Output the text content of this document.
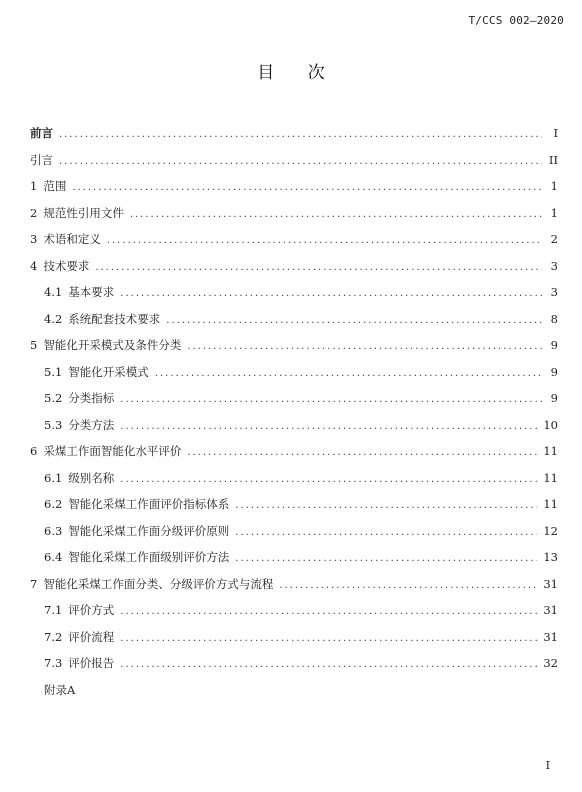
T/CCS 002—2020
目 次
前言 .....	I
引言 .....	II
1 范围 .....	1
2 规范性引用文件 .....	1
3 术语和定义 .....	2
4 技术要求 .....	3
4.1 基本要求 .....	3
4.2 系统配套技术要求 .....	8
5 智能化开采模式及条件分类 .....	9
5.1 智能化开采模式 .....	9
5.2 分类指标 .....	9
5.3 分类方法 .....	10
6 采煤工作面智能化水平评价 .....	11
6.1 级别名称 .....	11
6.2 智能化采煤工作面评价指标体系 .....	11
6.3 智能化采煤工作面分级评价原则 .....	12
6.4 智能化采煤工作面级别评价方法 .....	13
7 智能化采煤工作面分类、分级评价方式与流程 .....	31
7.1 评价方式 .....	31
7.2 评价流程 .....	31
7.3 评价报告 .....	32
附录A
I
